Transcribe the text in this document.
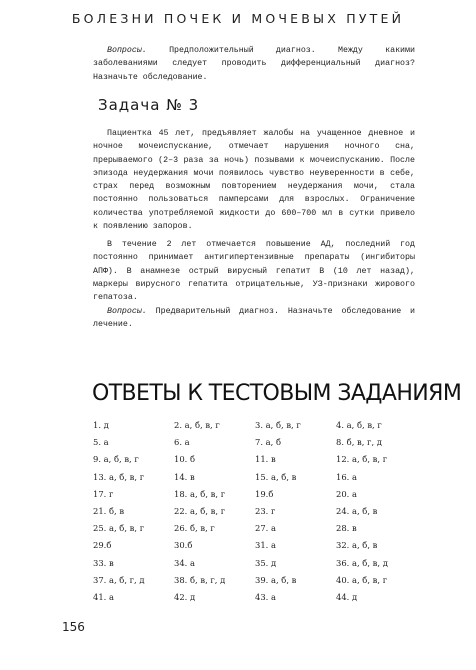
БОЛЕЗНИ ПОЧЕК И МОЧЕВЫХ ПУТЕЙ

Вопросы. Предположительный диагноз. Между какими заболеваниями следует проводить дифференциальный диагноз? Назначьте обследование.

Задача № 3

Пациентка 45 лет, предъявляет жалобы на учащенное дневное и ночное мочеиспускание, отмечает нарушения ночного сна, прерываемого (2–3 раза за ночь) позывами к мочеиспусканию. После эпизода неудержания мочи появилось чувство неуверенности в себе, страх перед возможным повторением неудержания мочи, стала постоянно пользоваться памперсами для взрослых. Ограничение количества употребляемой жидкости до 600–700 мл в сутки привело к появлению запоров.

В течение 2 лет отмечается повышение АД, последний год постоянно принимает антигипертензивные препараты (ингибиторы АПФ). В анамнезе острый вирусный гепатит В (10 лет назад), маркеры вирусного гепатита отрицательные, УЗ-признаки жирового гепатоза.

Вопросы. Предварительный диагноз. Назначьте обследование и лечение.

ОТВЕТЫ К ТЕСТОВЫМ ЗАДАНИЯМ
1. д	2. а, б, в, г	3. а, б, в, г	4. а, б, в, г
5. а	6. а	7. а, б	8. б, в, г, д
9. а, б, в, г	10. б	11. в	12. а, б, в, г
13. а, б, в, г	14. в	15. а, б, в	16. а
17. г	18. а, б, в, г	19.б	20. а
21. б, в	22. а, б, в, г	23. г	24. а, б, в
25. а, б, в, г	26. б, в, г	27. а	28. в
29.б	30.б	31. а	32. а, б, в
33. в	34. а	35. д	36. а, б, в, д
37. а, б, г, д	38. б, в, г, д	39. а, б, в	40. а, б, в, г
41. а	42. д	43. а	44. д
156
